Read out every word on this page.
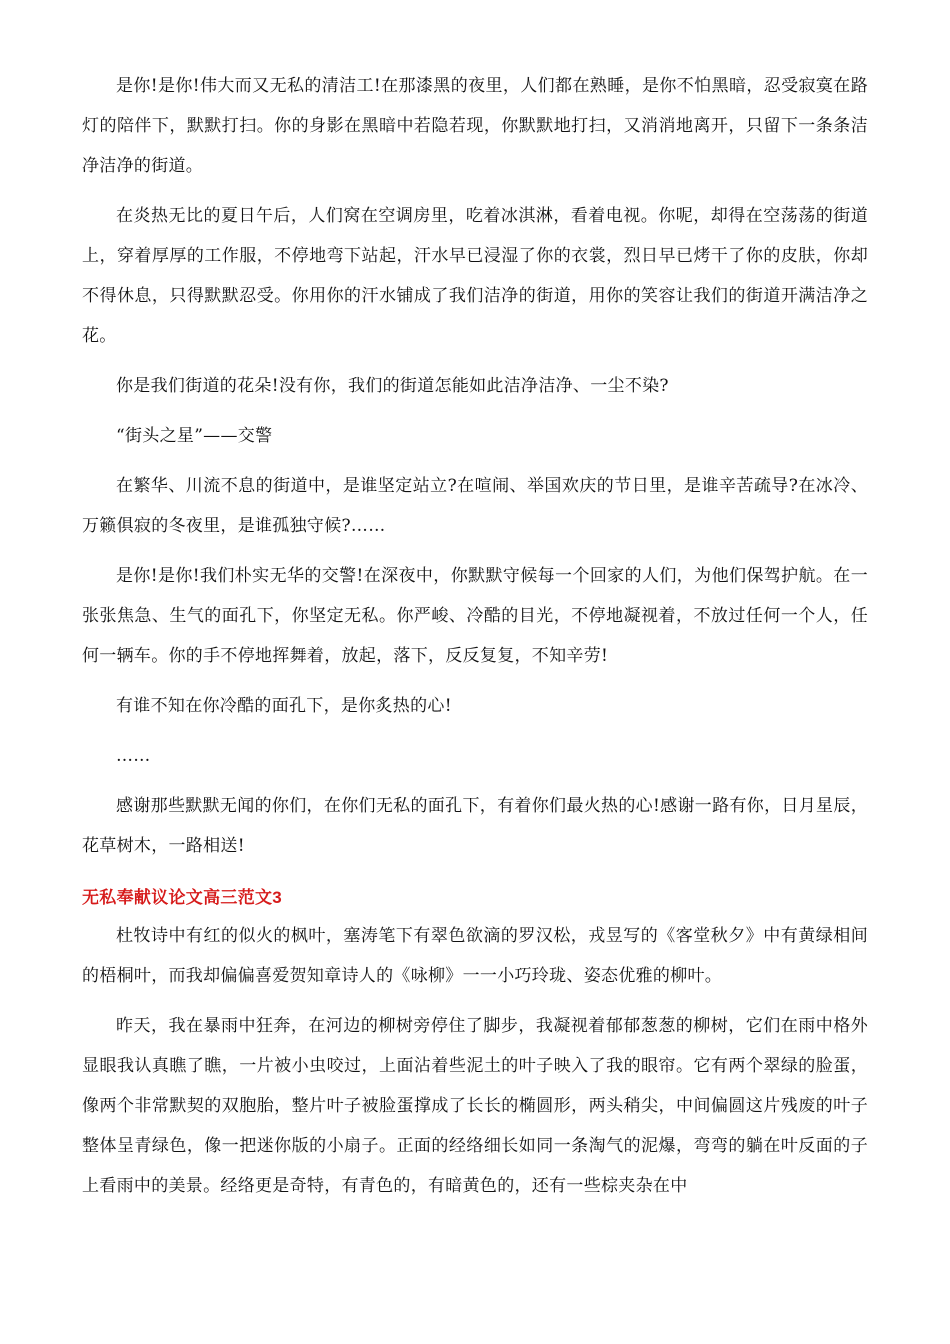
是你!是你!伟大而又无私的清洁工!在那漆黑的夜里，人们都在熟睡，是你不怕黑暗，忍受寂寞在路灯的陪伴下，默默打扫。你的身影在黑暗中若隐若现，你默默地打扫，又消消地离开，只留下一条条洁净洁净的街道。

在炎热无比的夏日午后，人们窝在空调房里，吃着冰淇淋，看着电视。你呢，却得在空荡荡的街道上，穿着厚厚的工作服，不停地弯下站起，汗水早已浸湿了你的衣裳，烈日早已烤干了你的皮肤，你却不得休息，只得默默忍受。你用你的汗水铺成了我们洁净的街道，用你的笑容让我们的街道开满洁净之花。

你是我们街道的花朵!没有你，我们的街道怎能如此洁净洁净、一尘不染?

“街头之星”——交警

在繁华、川流不息的街道中，是谁坚定站立?在喧闹、举国欢庆的节日里，是谁辛苦疏导?在冰冷、万籁俱寂的冬夜里，是谁孤独守候?……

是你!是你!我们朴实无华的交警!在深夜中，你默默守候每一个回家的人们，为他们保驾护航。在一张张焦急、生气的面孔下，你坚定无私。你严峻、冷酷的目光，不停地凝视着，不放过任何一个人，任何一辆车。你的手不停地挥舞着，放起，落下，反反复复，不知辛劳!

有谁不知在你冷酷的面孔下，是你炙热的心!

……

感谢那些默默无闻的你们，在你们无私的面孔下，有着你们最火热的心!感谢一路有你，日月星辰，花草树木，一路相送!

无私奉献议论文高三范文3

杜牧诗中有红的似火的枫叶，塞涛笔下有翠色欲滴的罗汉松，戎昱写的《客堂秋夕》中有黄绿相间的梧桐叶，而我却偏偏喜爱贺知章诗人的《咏柳》一一小巧玲珑、姿态优雅的柳叶。

昨天，我在暴雨中狂奔，在河边的柳树旁停住了脚步，我凝视着郁郁葱葱的柳树，它们在雨中格外显眼我认真瞧了瞧，一片被小虫咬过，上面沾着些泥土的叶子映入了我的眼帘。它有两个翠绿的脸蛋，像两个非常默契的双胞胎，整片叶子被脸蛋撑成了长长的椭圆形，两头稍尖，中间偏圆这片残废的叶子整体呈青绿色，像一把迷你版的小扇子。正面的经络细长如同一条淘气的泥爆，弯弯的躺在叶反面的子上看雨中的美景。经络更是奇特，有青色的，有暗黄色的，还有一些棕夹杂在中
